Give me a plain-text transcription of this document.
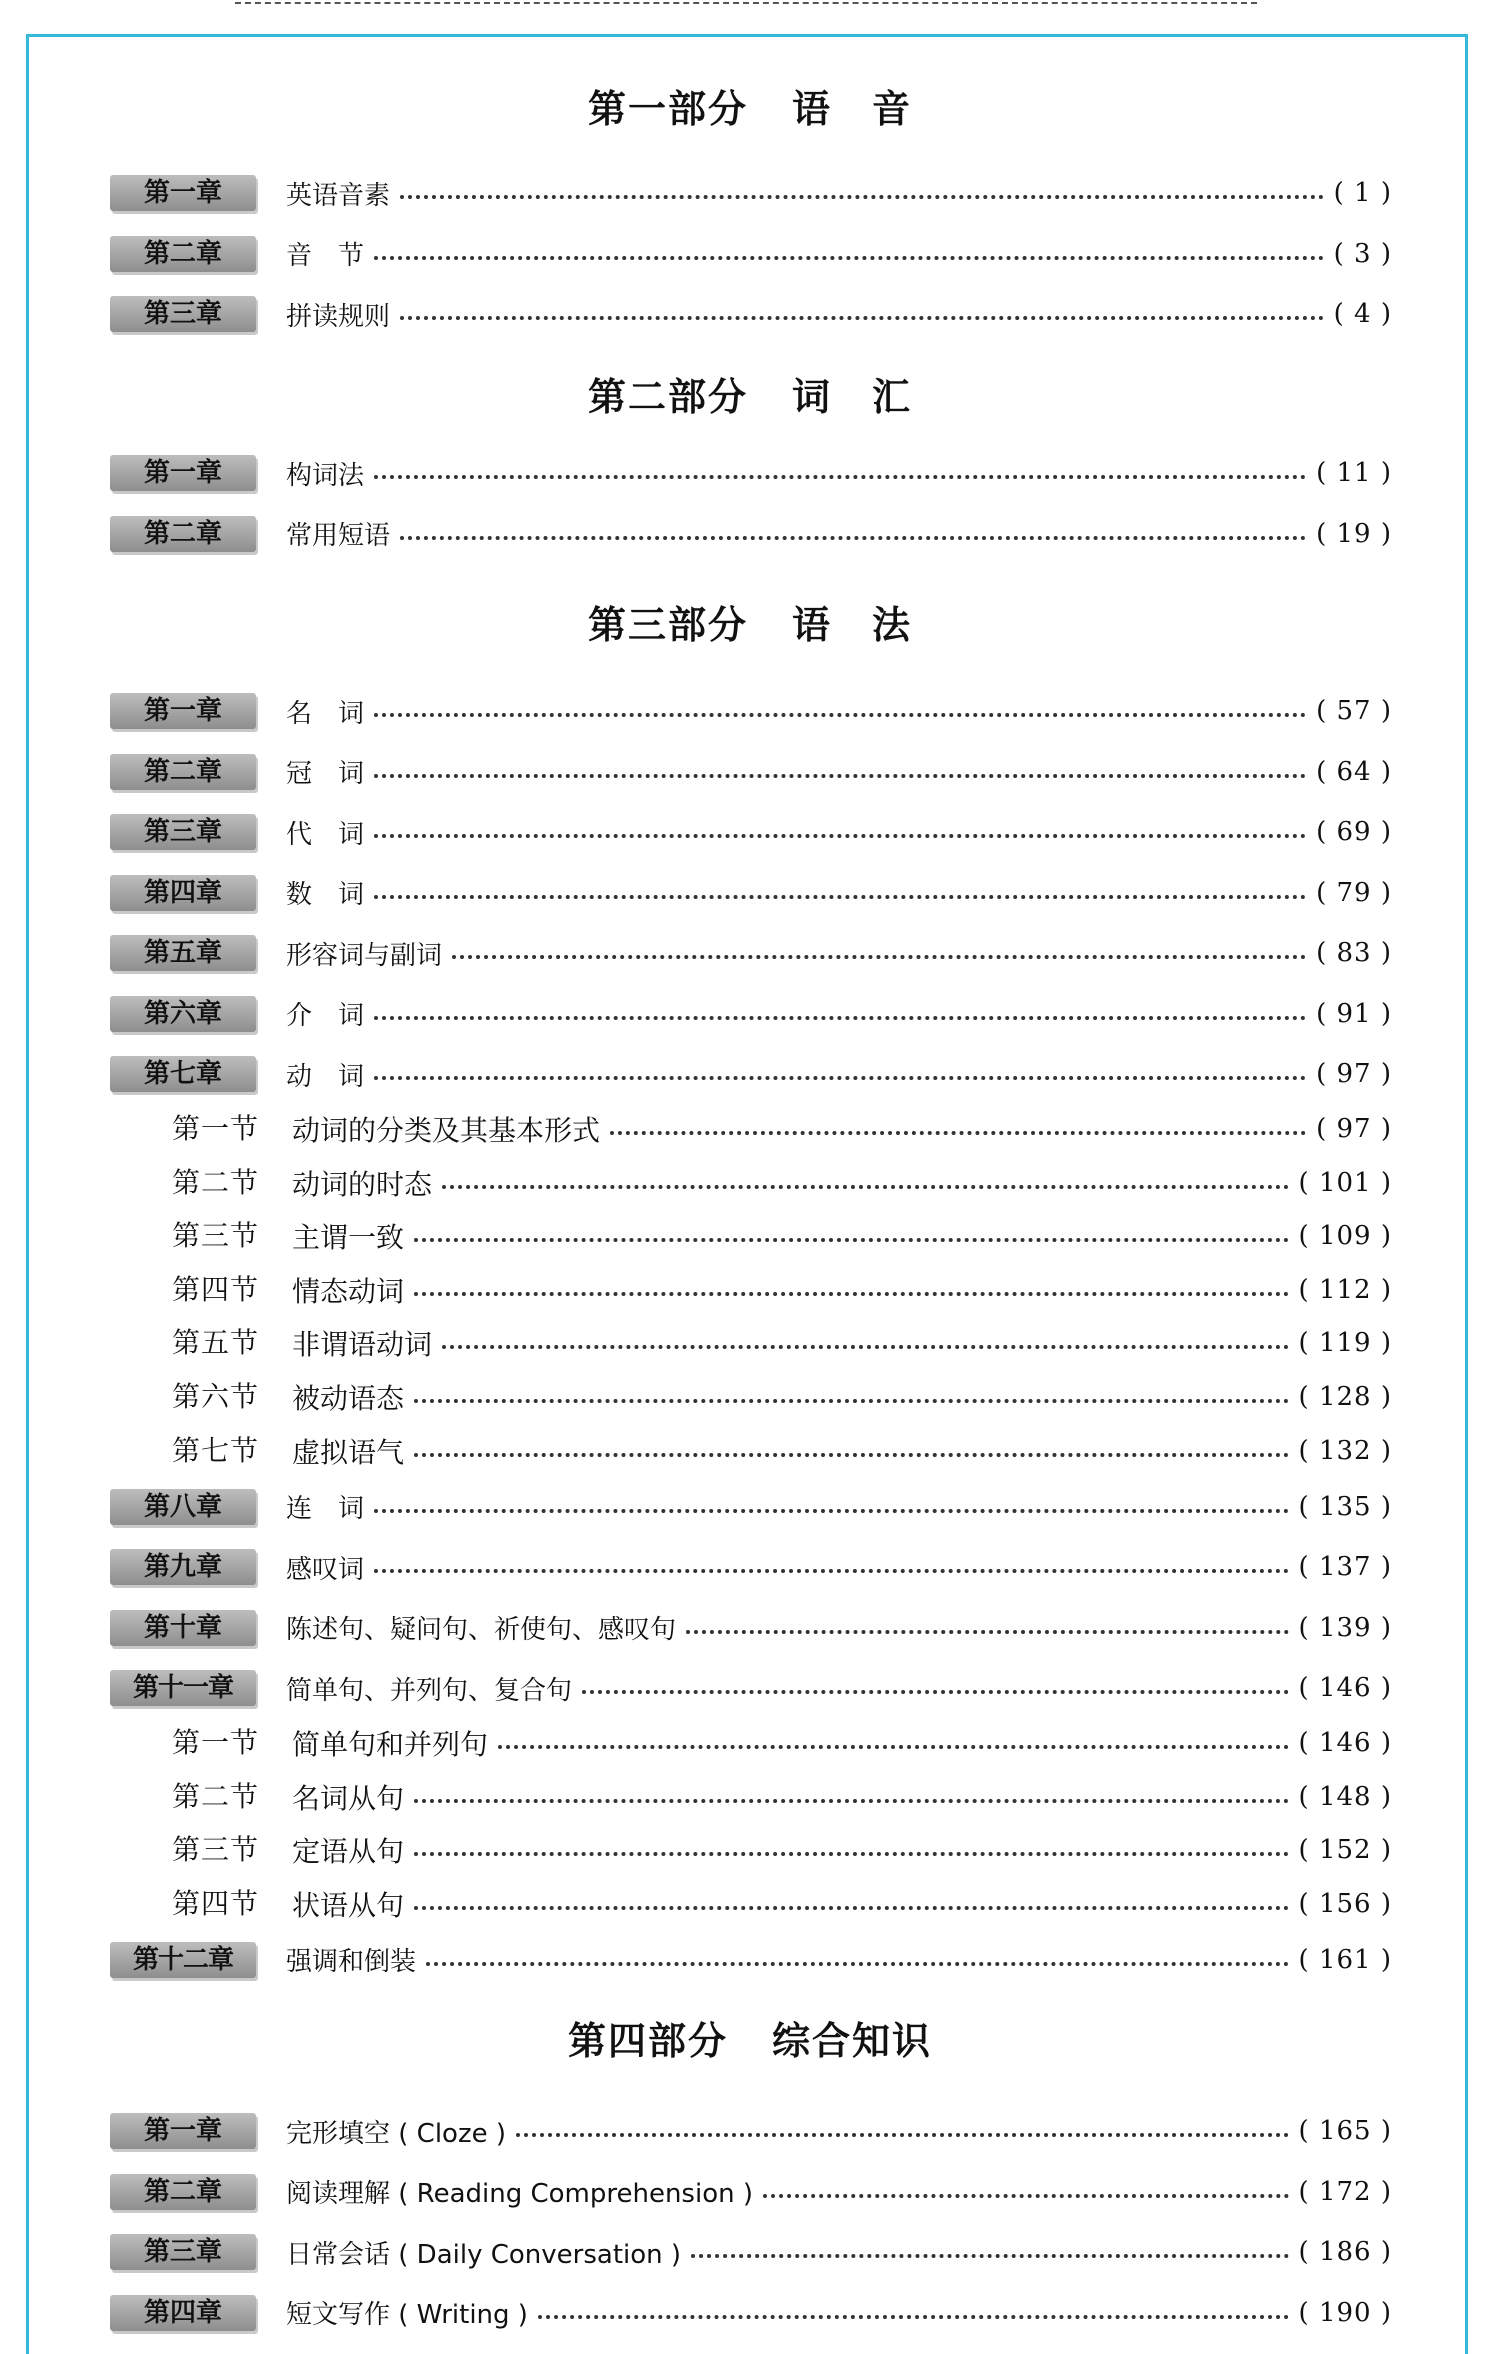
第一部分 语　音
第一章	英语音素	( 1 )
第二章	音　节	( 3 )
第三章	拼读规则	( 4 )
第二部分 词　汇
第一章	构词法	( 11 )
第二章	常用短语	( 19 )
第三部分 语　法
第一章	名　词	( 57 )
第二章	冠　词	( 64 )
第三章	代　词	( 69 )
第四章	数　词	( 79 )
第五章	形容词与副词	( 83 )
第六章	介　词	( 91 )
第七章	动　词	( 97 )
第一节 动词的分类及其基本形式	( 97 )
第二节 动词的时态	( 101 )
第三节 主谓一致	( 109 )
第四节 情态动词	( 112 )
第五节 非谓语动词	( 119 )
第六节 被动语态	( 128 )
第七节 虚拟语气	( 132 )
第八章	连　词	( 135 )
第九章	感叹词	( 137 )
第十章	陈述句、疑问句、祈使句、感叹句	( 139 )
第十一章	简单句、并列句、复合句	( 146 )
第一节 简单句和并列句	( 146 )
第二节 名词从句	( 148 )
第三节 定语从句	( 152 )
第四节 状语从句	( 156 )
第十二章	强调和倒装	( 161 )
第四部分 综合知识
第一章	完形填空 ( Cloze )	( 165 )
第二章	阅读理解 ( Reading Comprehension )	( 172 )
第三章	日常会话 ( Daily Conversation )	( 186 )
第四章	短文写作 ( Writing )	( 190 )
